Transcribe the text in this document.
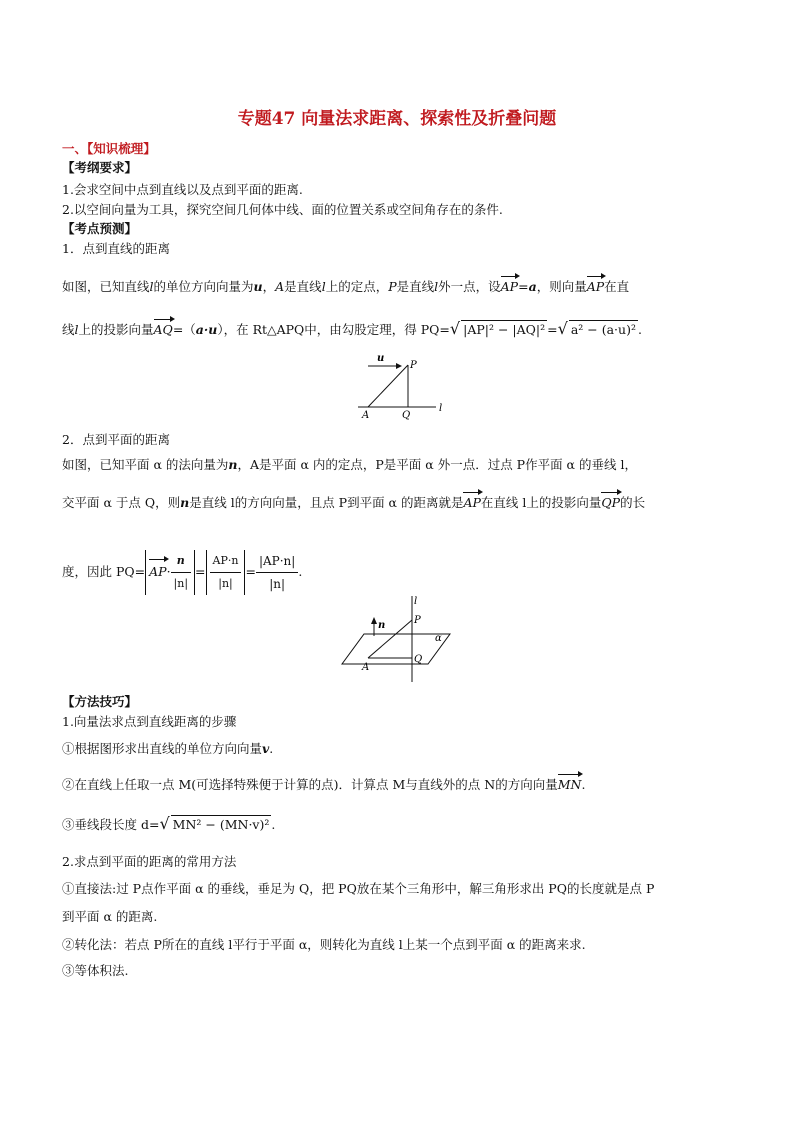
专题47 向量法求距离、探索性及折叠问题
一、【知识梳理】
【考纲要求】
1.会求空间中点到直线以及点到平面的距离.
2.以空间向量为工具，探究空间几何体中线、面的位置关系或空间角存在的条件.
【考点预测】
1．点到直线的距离
如图，已知直线l的单位方向向量为u，A是直线l上的定点，P是直线l外一点，设AP=a，则向量AP在直
线l上的投影向量AQ=（a·u），在 Rt△APQ中，由勾股定理，得 PQ=√ |AP|² − |AQ|² =√ a² − (a·u)² .
u
P
A	Q
l
2．点到平面的距离
如图，已知平面 α 的法向量为n，A是平面 α 内的定点，P是平面 α 外一点．过点 P作平面 α 的垂线 l，
交平面 α 于点 Q，则n是直线 l的方向向量，且点 P到平面 α 的距离就是AP在直线 l上的投影向量QP的长
度，因此 $PQ= AP\cdot \frac{n}{|n|} = \frac{AP\cdot n}{|n|} = \frac{|AP\cdot n|}{|n|}$ .
n
l
P
α
A
Q
【方法技巧】
1.向量法求点到直线距离的步骤
①根据图形求出直线的单位方向向量v.
②在直线上任取一点 M(可选择特殊便于计算的点)．计算点 M与直线外的点 N的方向向量MN.
③垂线段长度 d=√ MN² − (MN·v)² .
2.求点到平面的距离的常用方法
①直接法:过 P点作平面 α 的垂线，垂足为 Q，把 PQ放在某个三角形中，解三角形求出 PQ的长度就是点 P
到平面 α 的距离.
②转化法：若点 P所在的直线 l平行于平面 α，则转化为直线 l上某一个点到平面 α 的距离来求.
③等体积法.
